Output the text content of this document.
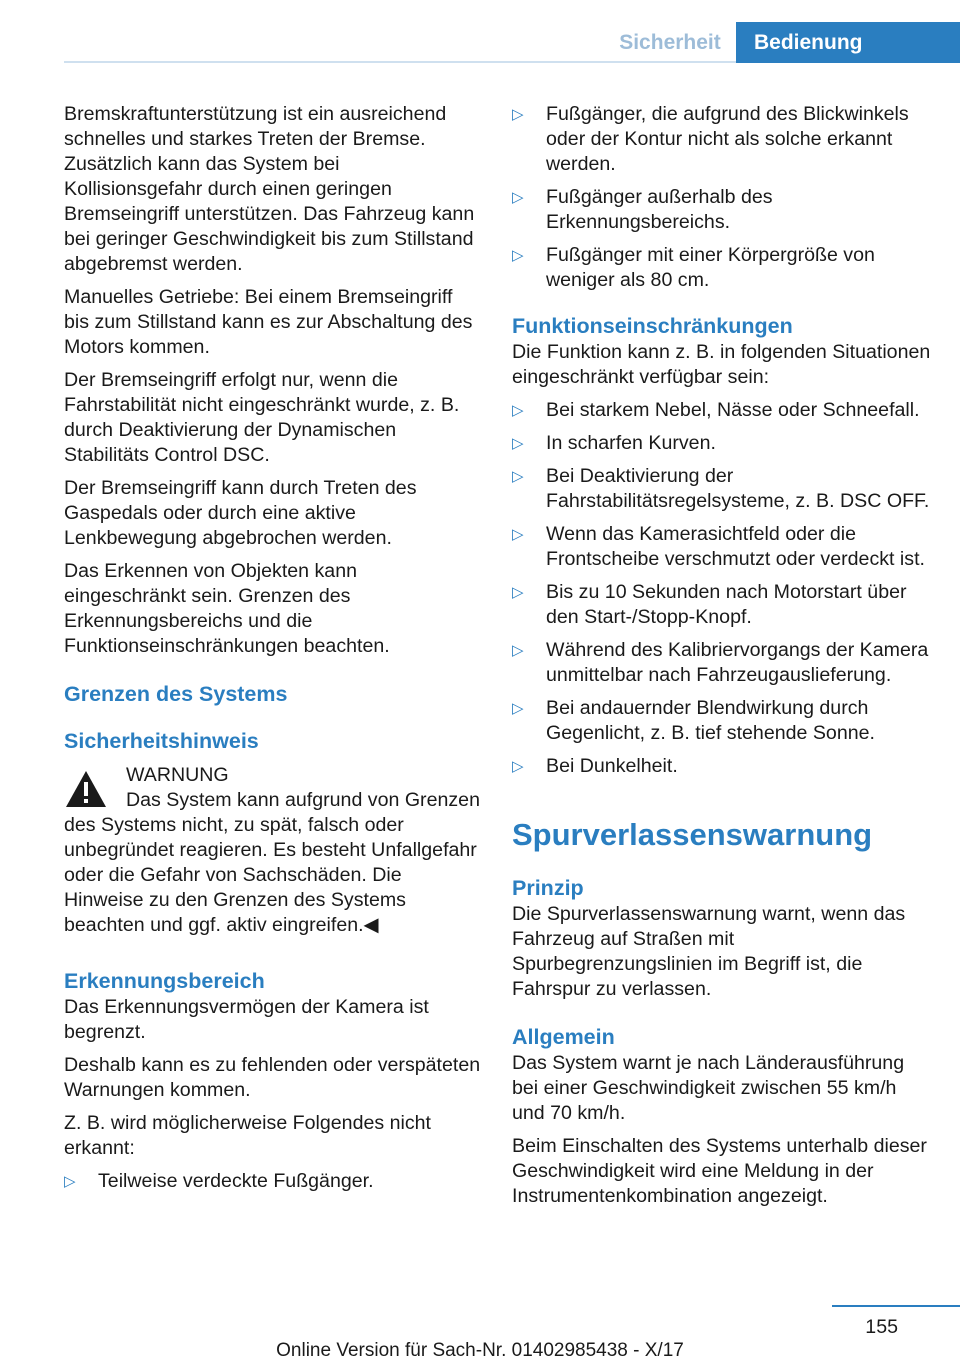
Sicherheit	Bedienung

Bremskraftunterstützung ist ein ausreichend schnelles und starkes Treten der Bremse. Zusätzlich kann das System bei Kollisionsgefahr durch einen geringen Bremseingriff unterstützen. Das Fahrzeug kann bei geringer Geschwindigkeit bis zum Stillstand abgebremst werden.

Manuelles Getriebe: Bei einem Bremseingriff bis zum Stillstand kann es zur Abschaltung des Motors kommen.

Der Bremseingriff erfolgt nur, wenn die Fahrstabilität nicht eingeschränkt wurde, z. B. durch Deaktivierung der Dynamischen Stabilitäts Control DSC.

Der Bremseingriff kann durch Treten des Gaspedals oder durch eine aktive Lenkbewegung abgebrochen werden.

Das Erkennen von Objekten kann eingeschränkt sein. Grenzen des Erkennungsbereichs und die Funktionseinschränkungen beachten.

Grenzen des Systems
Sicherheitshinweis
WARNUNG
Das System kann aufgrund von Grenzen des Systems nicht, zu spät, falsch oder unbegründet reagieren. Es besteht Unfallgefahr oder die Gefahr von Sachschäden. Die Hinweise zu den Grenzen des Systems beachten und ggf. aktiv eingreifen.◀
Erkennungsbereich

Das Erkennungsvermögen der Kamera ist begrenzt.

Deshalb kann es zu fehlenden oder verspäteten Warnungen kommen.

Z. B. wird möglicherweise Folgendes nicht erkannt:

▷ Teilweise verdeckte Fußgänger.
▷ Fußgänger, die aufgrund des Blickwinkels oder der Kontur nicht als solche erkannt werden.
▷ Fußgänger außerhalb des Erkennungsbereichs.
▷ Fußgänger mit einer Körpergröße von weniger als 80 cm.
Funktionseinschränkungen

Die Funktion kann z. B. in folgenden Situationen eingeschränkt verfügbar sein:

▷ Bei starkem Nebel, Nässe oder Schneefall.
▷ In scharfen Kurven.
▷ Bei Deaktivierung der Fahrstabilitätsregelsysteme, z. B. DSC OFF.
▷ Wenn das Kamerasichtfeld oder die Frontscheibe verschmutzt oder verdeckt ist.
▷ Bis zu 10 Sekunden nach Motorstart über den Start-/Stopp-Knopf.
▷ Während des Kalibriervorgangs der Kamera unmittelbar nach Fahrzeugauslieferung.
▷ Bei andauernder Blendwirkung durch Gegenlicht, z. B. tief stehende Sonne.
▷ Bei Dunkelheit.
Spurverlassenswarnung
Prinzip

Die Spurverlassenswarnung warnt, wenn das Fahrzeug auf Straßen mit Spurbegrenzungslinien im Begriff ist, die Fahrspur zu verlassen.

Allgemein

Das System warnt je nach Länderausführung bei einer Geschwindigkeit zwischen 55 km/h und 70 km/h.

Beim Einschalten des Systems unterhalb dieser Geschwindigkeit wird eine Meldung in der Instrumentenkombination angezeigt.

155
Online Version für Sach-Nr. 01402985438 - X/17
